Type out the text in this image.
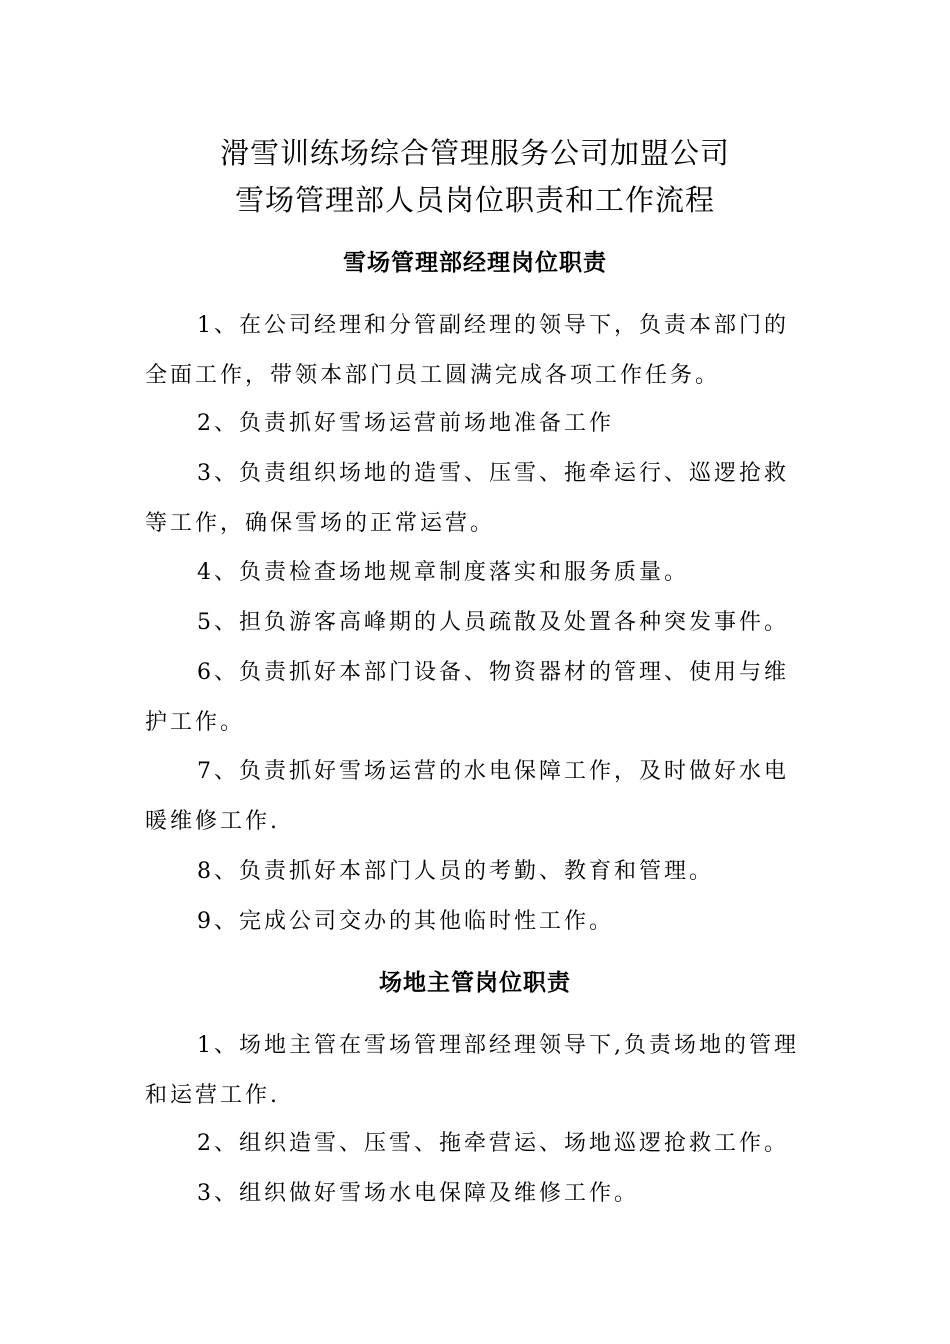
滑雪训练场综合管理服务公司加盟公司
雪场管理部人员岗位职责和工作流程
雪场管理部经理岗位职责

1、在公司经理和分管副经理的领导下，负责本部门的全面工作，带领本部门员工圆满完成各项工作任务。

2、负责抓好雪场运营前场地准备工作

3、负责组织场地的造雪、压雪、拖牵运行、巡逻抢救等工作，确保雪场的正常运营。

4、负责检查场地规章制度落实和服务质量。

5、担负游客高峰期的人员疏散及处置各种突发事件。

6、负责抓好本部门设备、物资器材的管理、使用与维护工作。

7、负责抓好雪场运营的水电保障工作，及时做好水电暖维修工作.

8、负责抓好本部门人员的考勤、教育和管理。

9、完成公司交办的其他临时性工作。

场地主管岗位职责

1、场地主管在雪场管理部经理领导下,负责场地的管理和运营工作.

2、组织造雪、压雪、拖牵营运、场地巡逻抢救工作。

3、组织做好雪场水电保障及维修工作。
